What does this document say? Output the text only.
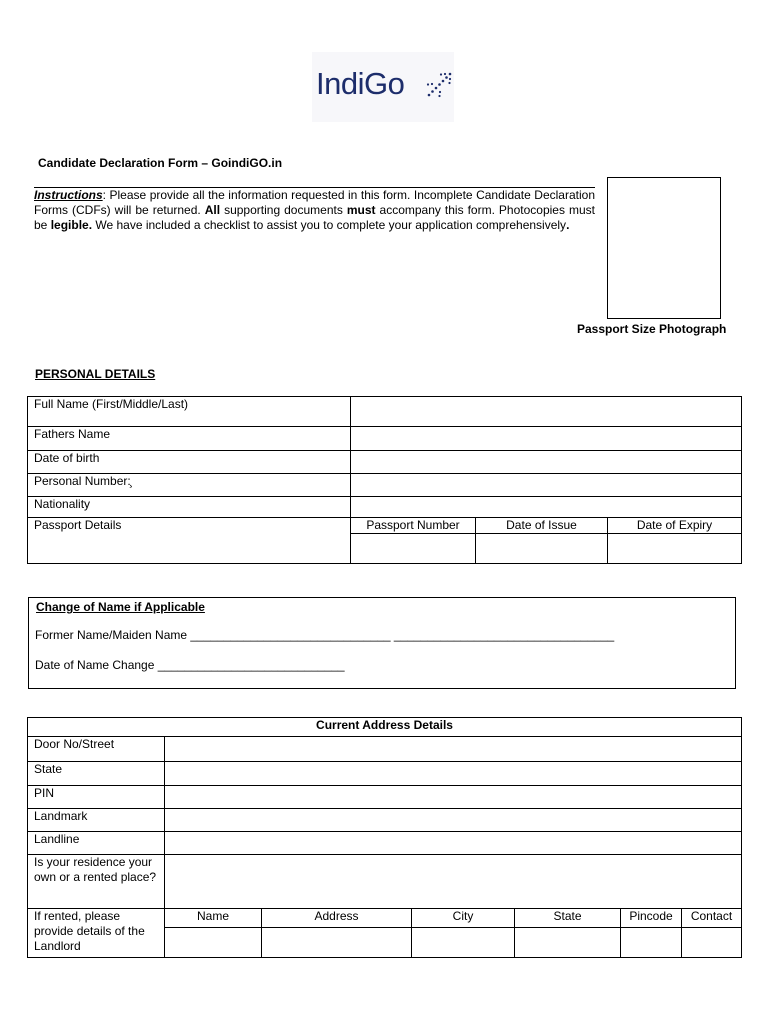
IndiGo
Candidate Declaration Form – GoindiGO.in
Instructions: Please provide all the information requested in this form. Incomplete Candidate Declaration Forms (CDFs) will be returned. All supporting documents must accompany this form. Photocopies must be legible. We have included a checklist to assist you to complete your application comprehensively.
Passport Size Photograph
PERSONAL DETAILS
Full Name (First/Middle/Last)			
Fathers Name			
Date of birth			
Personal Number:̧			
Nationality			
Passport Details	Passport Number	Date of Issue	Date of Expiry

Change of Name if Applicable
Former Name/Maiden Name ______________________________ _________________________________
Date of Name Change ____________________________
Current Address Details						
Door No/Street						
State						
PIN						
Landmark						
Landline						
Is your residence your own or a rented place?						
If rented, please provide details of the Landlord	Name	Address	City	State	Pincode	Contact
